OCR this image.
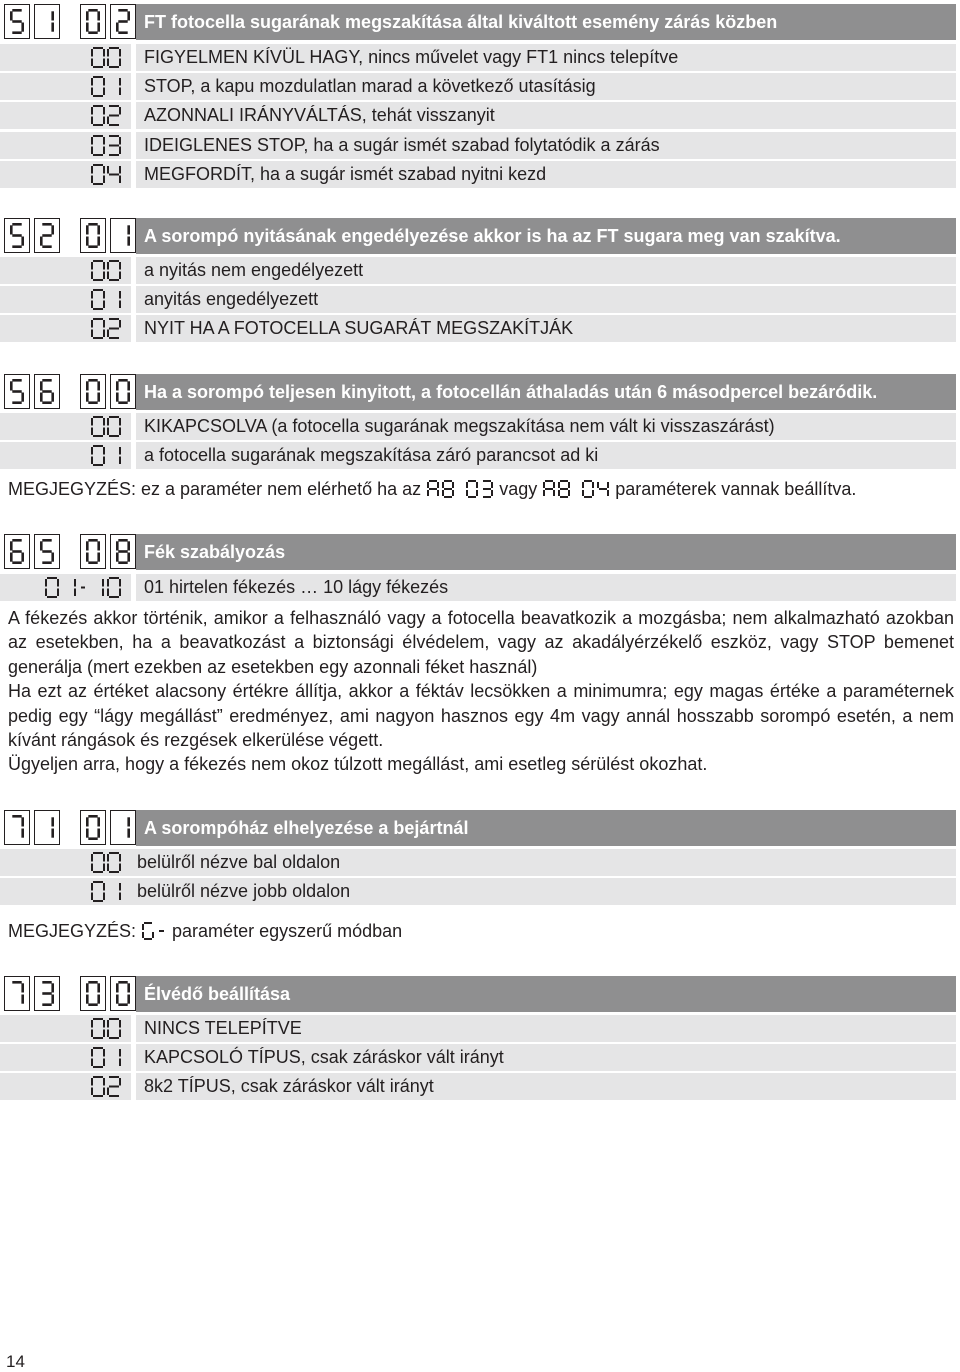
FT fotocella sugarának megszakítása által kiváltott esemény zárás közben
FIGYELMEN KÍVÜL HAGY, nincs művelet vagy FT1 nincs telepítve
STOP, a kapu mozdulatlan marad a következő utasításig
AZONNALI IRÁNYVÁLTÁS, tehát visszanyit
IDEIGLENES STOP, ha a sugár ismét szabad folytatódik a zárás
MEGFORDÍT, ha a sugár ismét szabad nyitni kezd
A sorompó nyitásának engedélyezése akkor is ha az FT sugara meg van szakítva.
a nyitás nem engedélyezett
anyitás engedélyezett
NYIT HA A FOTOCELLA SUGARÁT MEGSZAKÍTJÁK
Ha a sorompó teljesen kinyitott, a fotocellán áthaladás után 6 másodpercel bezáródik.
KIKAPCSOLVA (a fotocella sugarának megszakítása nem vált ki visszaszárást)
a fotocella sugarának megszakítása záró parancsot ad ki
MEGJEGYZÉS: ez a paraméter nem elérhető ha az	vagy	paraméterek vannak beállítva.
Fék szabályozás
01 hirtelen fékezés … 10 lágy fékezés

A fékezés akkor történik, amikor a felhasználó vagy a fotocella beavatkozik a mozgásba; nem alkalmazható azokban az esetekben, ha a beavatkozást a biztonsági élvédelem, vagy az akadályérzékelő eszköz, vagy STOP bemenet generálja (mert ezekben az esetekben egy azonnali féket használ)

Ha ezt az értéket alacsony értékre állítja, akkor a féktáv lecsökken a minimumra; egy magas értéke a paraméternek pedig egy “lágy megállást” eredményez, ami nagyon hasznos egy 4m vagy annál hosszabb sorompó esetén, a nem kívánt rángások és rezgések elkerülése végett.

Ügyeljen arra, hogy a fékezés nem okoz túlzott megállást, ami esetleg sérülést okozhat.

A sorompóház elhelyezése a bejártnál
belülről nézve bal oldalon
belülről nézve jobb oldalon
MEGJEGYZÉS: paraméter egyszerű módban
Élvédő beállítása
NINCS TELEPÍTVE
KAPCSOLÓ TÍPUS, csak záráskor vált irányt
8k2 TÍPUS, csak záráskor vált irányt
14
